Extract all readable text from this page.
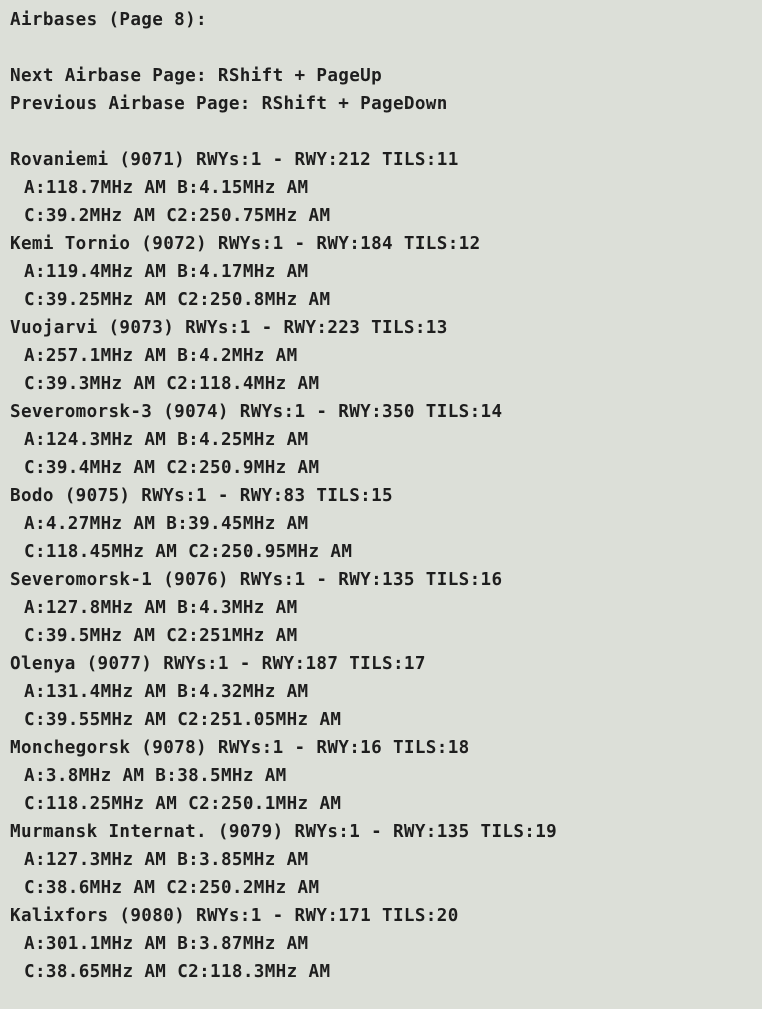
Airbases (Page 8):
Next Airbase Page: RShift + PageUp
Previous Airbase Page: RShift + PageDown
Rovaniemi (9071) RWYs:1 - RWY:212 TILS:11
A:118.7MHz AM B:4.15MHz AM
C:39.2MHz AM C2:250.75MHz AM
Kemi Tornio (9072) RWYs:1 - RWY:184 TILS:12
A:119.4MHz AM B:4.17MHz AM
C:39.25MHz AM C2:250.8MHz AM
Vuojarvi (9073) RWYs:1 - RWY:223 TILS:13
A:257.1MHz AM B:4.2MHz AM
C:39.3MHz AM C2:118.4MHz AM
Severomorsk-3 (9074) RWYs:1 - RWY:350 TILS:14
A:124.3MHz AM B:4.25MHz AM
C:39.4MHz AM C2:250.9MHz AM
Bodo (9075) RWYs:1 - RWY:83 TILS:15
A:4.27MHz AM B:39.45MHz AM
C:118.45MHz AM C2:250.95MHz AM
Severomorsk-1 (9076) RWYs:1 - RWY:135 TILS:16
A:127.8MHz AM B:4.3MHz AM
C:39.5MHz AM C2:251MHz AM
Olenya (9077) RWYs:1 - RWY:187 TILS:17
A:131.4MHz AM B:4.32MHz AM
C:39.55MHz AM C2:251.05MHz AM
Monchegorsk (9078) RWYs:1 - RWY:16 TILS:18
A:3.8MHz AM B:38.5MHz AM
C:118.25MHz AM C2:250.1MHz AM
Murmansk Internat. (9079) RWYs:1 - RWY:135 TILS:19
A:127.3MHz AM B:3.85MHz AM
C:38.6MHz AM C2:250.2MHz AM
Kalixfors (9080) RWYs:1 - RWY:171 TILS:20
A:301.1MHz AM B:3.87MHz AM
C:38.65MHz AM C2:118.3MHz AM
